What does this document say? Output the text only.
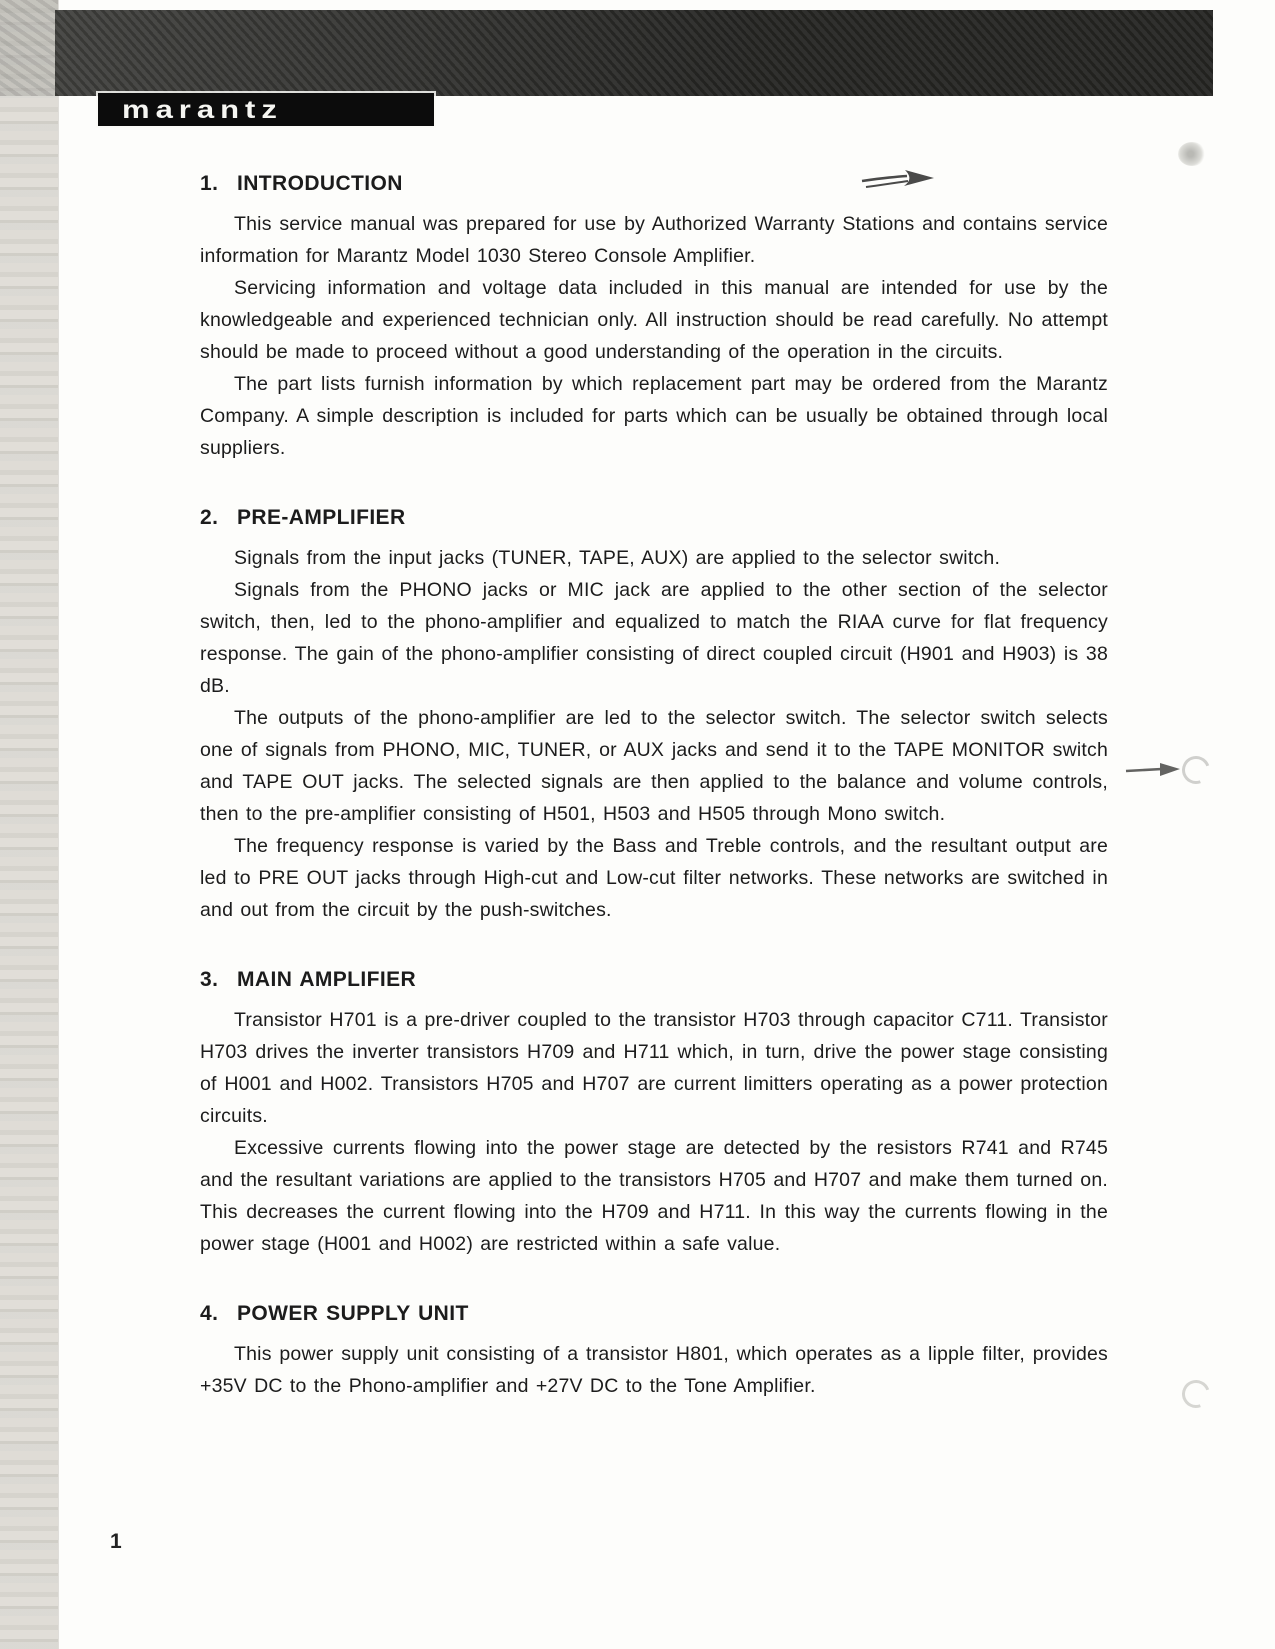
marantz
1. INTRODUCTION

This service manual was prepared for use by Authorized Warranty Stations and contains service information for Marantz Model 1030 Stereo Console Amplifier.

Servicing information and voltage data included in this manual are intended for use by the knowledgeable and experienced technician only. All instruction should be read carefully. No attempt should be made to proceed without a good understanding of the operation in the circuits.

The part lists furnish information by which replacement part may be ordered from the Marantz Company. A simple description is included for parts which can be usually be obtained through local suppliers.

2. PRE-AMPLIFIER

Signals from the input jacks (TUNER, TAPE, AUX) are applied to the selector switch.

Signals from the PHONO jacks or MIC jack are applied to the other section of the selector switch, then, led to the phono-amplifier and equalized to match the RIAA curve for flat frequency response. The gain of the phono-amplifier consisting of direct coupled circuit (H901 and H903) is 38 dB.

The outputs of the phono-amplifier are led to the selector switch. The selector switch selects one of signals from PHONO, MIC, TUNER, or AUX jacks and send it to the TAPE MONITOR switch and TAPE OUT jacks. The selected signals are then applied to the balance and volume controls, then to the pre-amplifier consisting of H501, H503 and H505 through Mono switch.

The frequency response is varied by the Bass and Treble controls, and the resultant output are led to PRE OUT jacks through High-cut and Low-cut filter networks. These networks are switched in and out from the circuit by the push-switches.

3. MAIN AMPLIFIER

Transistor H701 is a pre-driver coupled to the transistor H703 through capacitor C711. Transistor H703 drives the inverter transistors H709 and H711 which, in turn, drive the power stage consisting of H001 and H002. Transistors H705 and H707 are current limitters operating as a power protection circuits.

Excessive currents flowing into the power stage are detected by the resistors R741 and R745 and the resultant variations are applied to the transistors H705 and H707 and make them turned on. This decreases the current flowing into the H709 and H711. In this way the currents flowing in the power stage (H001 and H002) are restricted within a safe value.

4. POWER SUPPLY UNIT

This power supply unit consisting of a transistor H801, which operates as a lipple filter, provides +35V DC to the Phono-amplifier and +27V DC to the Tone Amplifier.

1
